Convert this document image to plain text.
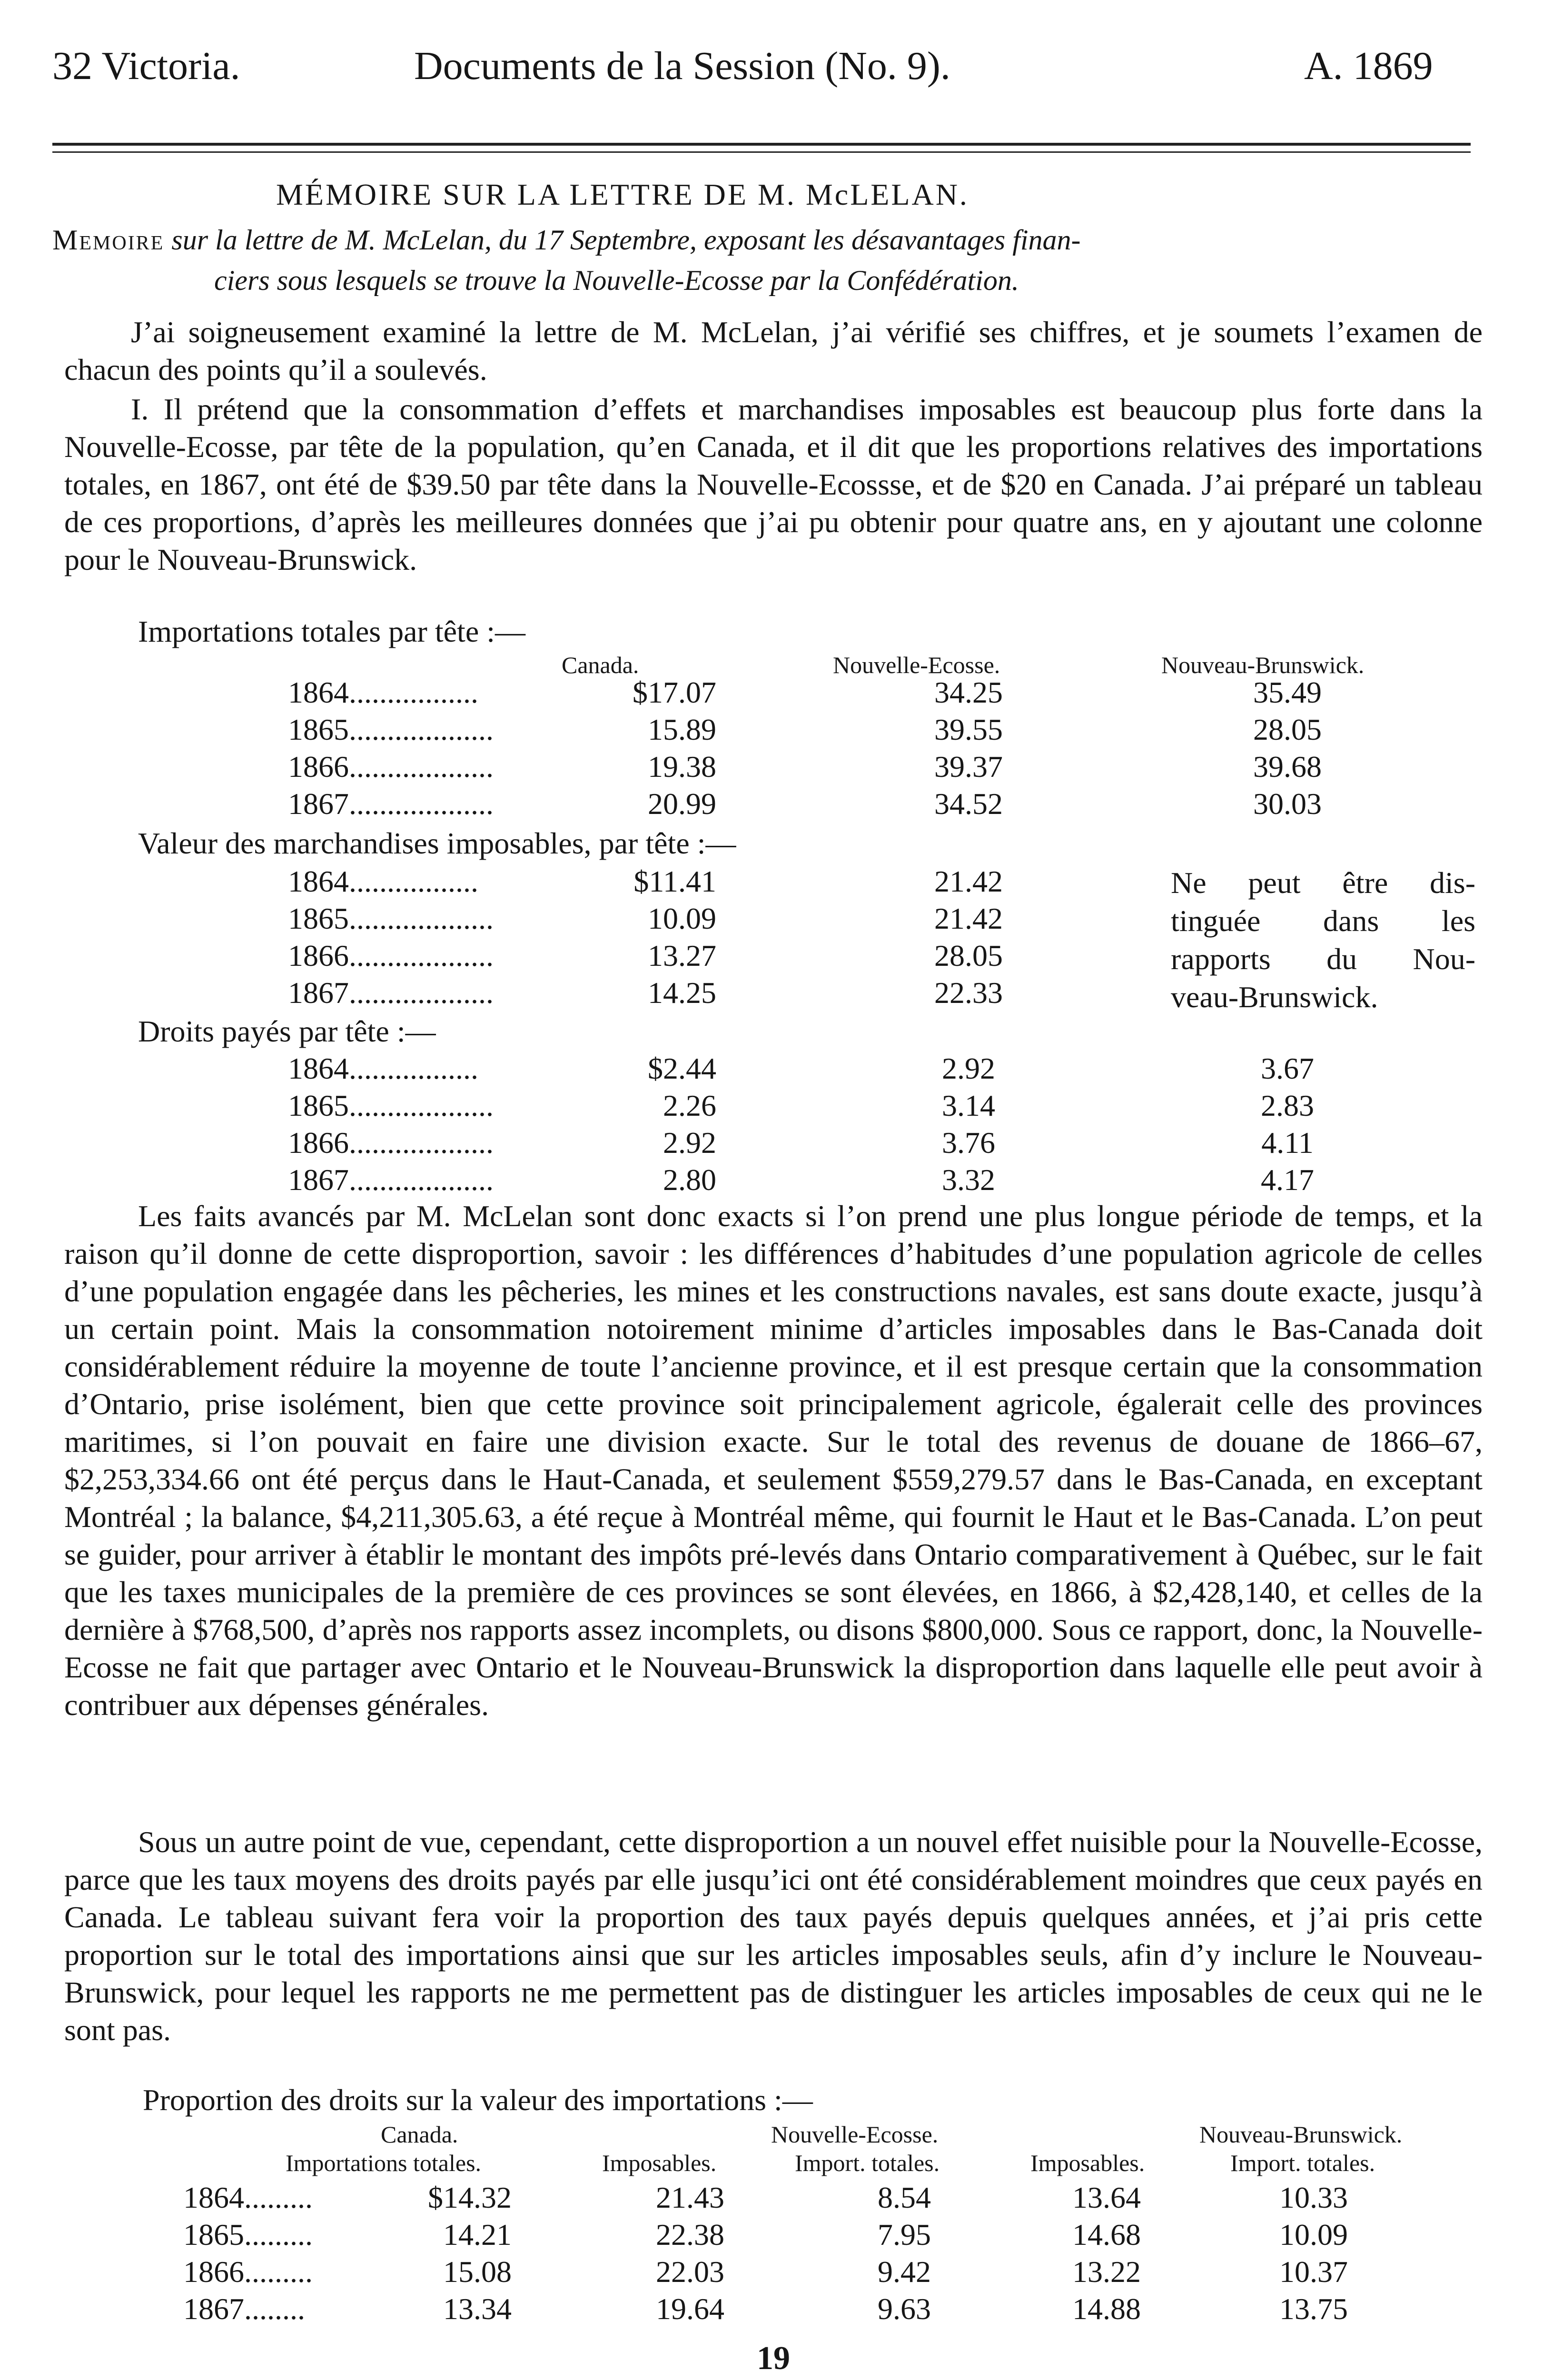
32 Victoria.	Documents de la Session (No. 9).	A. 1869
MÉMOIRE SUR LA LETTRE DE M. McLELAN.
Memoire sur la lettre de M. McLelan, du 17 Septembre, exposant les désavantages finan-
ciers sous lesquels se trouve la Nouvelle-Ecosse par la Confédération.

J’ai soigneusement examiné la lettre de M. McLelan, j’ai vérifié ses chiffres, et je soumets l’examen de chacun des points qu’il a soulevés.

I. Il prétend que la consommation d’effets et marchandises imposables est beaucoup plus forte dans la Nouvelle-Ecosse, par tête de la population, qu’en Canada, et il dit que les proportions relatives des importations totales, en 1867, ont été de $39.50 par tête dans la Nouvelle-Ecossse, et de $20 en Canada. J’ai préparé un tableau de ces proportions, d’après les meilleures données que j’ai pu obtenir pour quatre ans, en y ajoutant une colonne pour le Nouveau-Brunswick.

Importations totales par tête :—
Canada.	Nouvelle-Ecosse.	Nouveau-Brunswick.
1864.................	$17.07	34.25	35.49
1865...................	15.89	39.55	28.05
1866...................	19.38	39.37	39.68
1867...................	20.99	34.52	30.03
Valeur des marchandises imposables, par tête :—
1864.................	$11.41	21.42
1865...................	10.09	21.42
1866...................	13.27	28.05
1867...................	14.25	22.33
Ne peut être dis-
tinguée dans les
rapports du Nou-
veau-Brunswick.
Droits payés par tête :—
1864.................	$2.44	2.92	3.67
1865...................	2.26	3.14	2.83
1866...................	2.92	3.76	4.11
1867...................	2.80	3.32	4.17

Les faits avancés par M. McLelan sont donc exacts si l’on prend une plus longue période de temps, et la raison qu’il donne de cette disproportion, savoir : les différences d’habitudes d’une population agricole de celles d’une population engagée dans les pêcheries, les mines et les constructions navales, est sans doute exacte, jusqu’à un certain point. Mais la consommation notoirement minime d’articles imposables dans le Bas-Canada doit considérablement réduire la moyenne de toute l’ancienne province, et il est presque certain que la consommation d’Ontario, prise isolément, bien que cette province soit principalement agricole, égalerait celle des provinces maritimes, si l’on pouvait en faire une division exacte. Sur le total des revenus de douane de 1866–67, $2,253,334.66 ont été perçus dans le Haut-Canada, et seulement $559,279.57 dans le Bas-Canada, en exceptant Montréal ; la balance, $4,211,305.63, a été reçue à Montréal même, qui fournit le Haut et le Bas-Canada. L’on peut se guider, pour arriver à établir le montant des impôts pré-levés dans Ontario comparativement à Québec, sur le fait que les taxes municipales de la première de ces provinces se sont élevées, en 1866, à $2,428,140, et celles de la dernière à $768,500, d’après nos rapports assez incomplets, ou disons $800,000. Sous ce rapport, donc, la Nouvelle-Ecosse ne fait que partager avec Ontario et le Nouveau-Brunswick la disproportion dans laquelle elle peut avoir à contribuer aux dépenses générales.

Sous un autre point de vue, cependant, cette disproportion a un nouvel effet nuisible pour la Nouvelle-Ecosse, parce que les taux moyens des droits payés par elle jusqu’ici ont été considérablement moindres que ceux payés en Canada. Le tableau suivant fera voir la proportion des taux payés depuis quelques années, et j’ai pris cette proportion sur le total des importations ainsi que sur les articles imposables seuls, afin d’y inclure le Nouveau-Brunswick, pour lequel les rapports ne me permettent pas de distinguer les articles imposables de ceux qui ne le sont pas.

Proportion des droits sur la valeur des importations :—
Canada.	Nouvelle-Ecosse.	Nouveau-Brunswick.
Importations totales.	Imposables.	Import. totales.	Imposables.	Import. totales.
1864.........	$14.32	21.43	8.54	13.64	10.33
1865.........	14.21	22.38	7.95	14.68	10.09
1866.........	15.08	22.03	9.42	13.22	10.37
1867........	13.34	19.64	9.63	14.88	13.75
19
